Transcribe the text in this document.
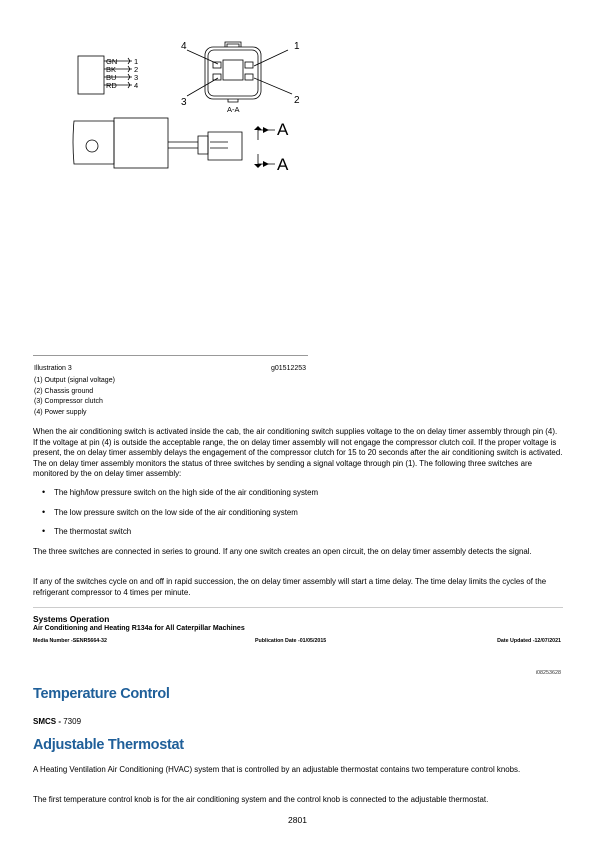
GN
BK
BU
RD
1
2
3
4
A-A
4	1
3	2
A
A
Illustration 3	g01512253
(1) Output (signal voltage)
(2) Chassis ground
(3) Compressor clutch
(4) Power supply

When the air conditioning switch is activated inside the cab, the air conditioning switch supplies voltage to the on delay timer assembly through pin (4). If the voltage at pin (4) is outside the acceptable range, the on delay timer assembly will not engage the compressor clutch coil. If the proper voltage is present, the on delay timer assembly delays the engagement of the compressor clutch for 15 to 20 seconds after the air conditioning switch is activated. The on delay timer assembly monitors the status of three switches by sending a signal voltage through pin (1). The following three switches are monitored by the on delay timer assembly:

• The high/low pressure switch on the high side of the air conditioning system
• The low pressure switch on the low side of the air conditioning system
• The thermostat switch

The three switches are connected in series to ground. If any one switch creates an open circuit, the on delay timer assembly detects the signal.

If any of the switches cycle on and off in rapid succession, the on delay timer assembly will start a time delay. The time delay limits the cycles of the refrigerant compressor to 4 times per minute.

Systems Operation
Air Conditioning and Heating R134a for All Caterpillar Machines
Media Number -SENR5664-32	Publication Date -01/05/2015	Date Updated -12/07/2021
i08253628
Temperature Control
SMCS - 7309
Adjustable Thermostat

A Heating Ventilation Air Conditioning (HVAC) system that is controlled by an adjustable thermostat contains two temperature control knobs.

The first temperature control knob is for the air conditioning system and the control knob is connected to the adjustable thermostat.

2801
